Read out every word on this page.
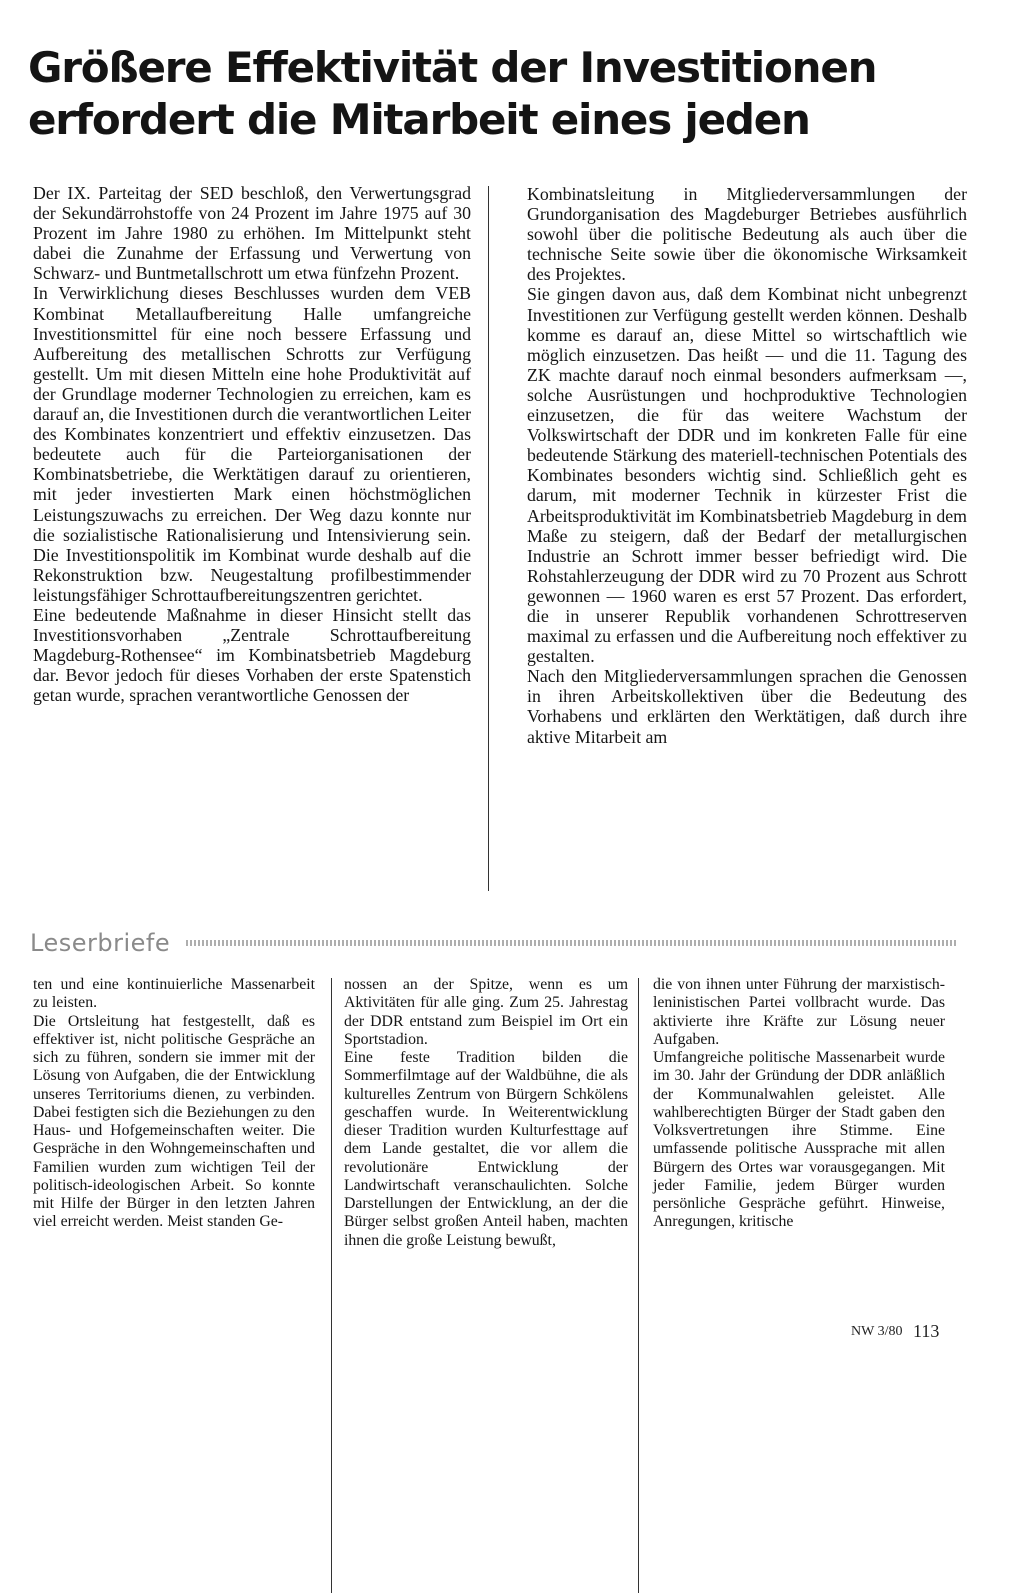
Größere Effektivität der Investitionen erfordert die Mitarbeit eines jeden

Der IX. Parteitag der SED beschloß, den Verwertungsgrad der Sekundärrohstoffe von 24 Prozent im Jahre 1975 auf 30 Prozent im Jahre 1980 zu erhöhen. Im Mittelpunkt steht dabei die Zunahme der Erfassung und Verwertung von Schwarz- und Buntmetallschrott um etwa fünfzehn Prozent.

In Verwirklichung dieses Beschlusses wurden dem VEB Kombinat Metallaufbereitung Halle umfangreiche Investitionsmittel für eine noch bessere Erfassung und Aufbereitung des metallischen Schrotts zur Verfügung gestellt. Um mit diesen Mitteln eine hohe Produktivität auf der Grundlage moderner Technologien zu erreichen, kam es darauf an, die Investitionen durch die verantwortlichen Leiter des Kombinates konzentriert und effektiv einzusetzen. Das bedeutete auch für die Parteiorganisationen der Kombinatsbetriebe, die Werktätigen darauf zu orientieren, mit jeder investierten Mark einen höchstmöglichen Leistungszuwachs zu erreichen. Der Weg dazu konnte nur die sozialistische Rationalisierung und Intensivierung sein. Die Investitionspolitik im Kombinat wurde deshalb auf die Rekonstruktion bzw. Neugestaltung profilbestimmender leistungsfähiger Schrottaufbereitungszentren gerichtet.

Eine bedeutende Maßnahme in dieser Hinsicht stellt das Investitionsvorhaben „Zentrale Schrottaufbereitung Magdeburg-Rothensee“ im Kombinatsbetrieb Magdeburg dar. Bevor jedoch für dieses Vorhaben der erste Spatenstich getan wurde, sprachen verantwortliche Genossen der

Kombinatsleitung in Mitgliederversammlungen der Grundorganisation des Magdeburger Betriebes ausführlich sowohl über die politische Bedeutung als auch über die technische Seite sowie über die ökonomische Wirksamkeit des Projektes.

Sie gingen davon aus, daß dem Kombinat nicht unbegrenzt Investitionen zur Verfügung gestellt werden können. Deshalb komme es darauf an, diese Mittel so wirtschaftlich wie möglich einzusetzen. Das heißt — und die 11. Tagung des ZK machte darauf noch einmal besonders aufmerksam —, solche Ausrüstungen und hochproduktive Technologien einzusetzen, die für das weitere Wachstum der Volkswirtschaft der DDR und im konkreten Falle für eine bedeutende Stärkung des materiell-technischen Potentials des Kombinates besonders wichtig sind. Schließlich geht es darum, mit moderner Technik in kürzester Frist die Arbeitsproduktivität im Kombinatsbetrieb Magdeburg in dem Maße zu steigern, daß der Bedarf der metallurgischen Industrie an Schrott immer besser befriedigt wird. Die Rohstahlerzeugung der DDR wird zu 70 Prozent aus Schrott gewonnen — 1960 waren es erst 57 Prozent. Das erfordert, die in unserer Republik vorhandenen Schrottreserven maximal zu erfassen und die Aufbereitung noch effektiver zu gestalten.

Nach den Mitgliederversammlungen sprachen die Genossen in ihren Arbeitskollektiven über die Bedeutung des Vorhabens und erklärten den Werktätigen, daß durch ihre aktive Mitarbeit am

Leserbriefe

ten und eine kontinuierliche Massenarbeit zu leisten.

Die Ortsleitung hat festgestellt, daß es effektiver ist, nicht politische Gespräche an sich zu führen, sondern sie immer mit der Lösung von Aufgaben, die der Entwicklung unseres Territoriums dienen, zu verbinden. Dabei festigten sich die Beziehungen zu den Haus- und Hofgemeinschaften weiter. Die Gespräche in den Wohngemeinschaften und Familien wurden zum wichtigen Teil der politisch-ideologischen Arbeit. So konnte mit Hilfe der Bürger in den letzten Jahren viel erreicht werden. Meist standen Ge-

nossen an der Spitze, wenn es um Aktivitäten für alle ging. Zum 25. Jahrestag der DDR entstand zum Beispiel im Ort ein Sportstadion.

Eine feste Tradition bilden die Sommerfilmtage auf der Waldbühne, die als kulturelles Zentrum von Bürgern Schkölens geschaffen wurde. In Weiterentwicklung dieser Tradition wurden Kulturfesttage auf dem Lande gestaltet, die vor allem die revolutionäre Entwicklung der Landwirtschaft veranschaulichten. Solche Darstellungen der Entwicklung, an der die Bürger selbst großen Anteil haben, machten ihnen die große Leistung bewußt,

die von ihnen unter Führung der marxistisch-leninistischen Partei vollbracht wurde. Das aktivierte ihre Kräfte zur Lösung neuer Aufgaben.

Umfangreiche politische Massenarbeit wurde im 30. Jahr der Gründung der DDR anläßlich der Kommunalwahlen geleistet. Alle wahlberechtigten Bürger der Stadt gaben den Volksvertretungen ihre Stimme. Eine umfassende politische Aussprache mit allen Bürgern des Ortes war vorausgegangen. Mit jeder Familie, jedem Bürger wurden persönliche Gespräche geführt. Hinweise, Anregungen, kritische

NW 3/80 113
